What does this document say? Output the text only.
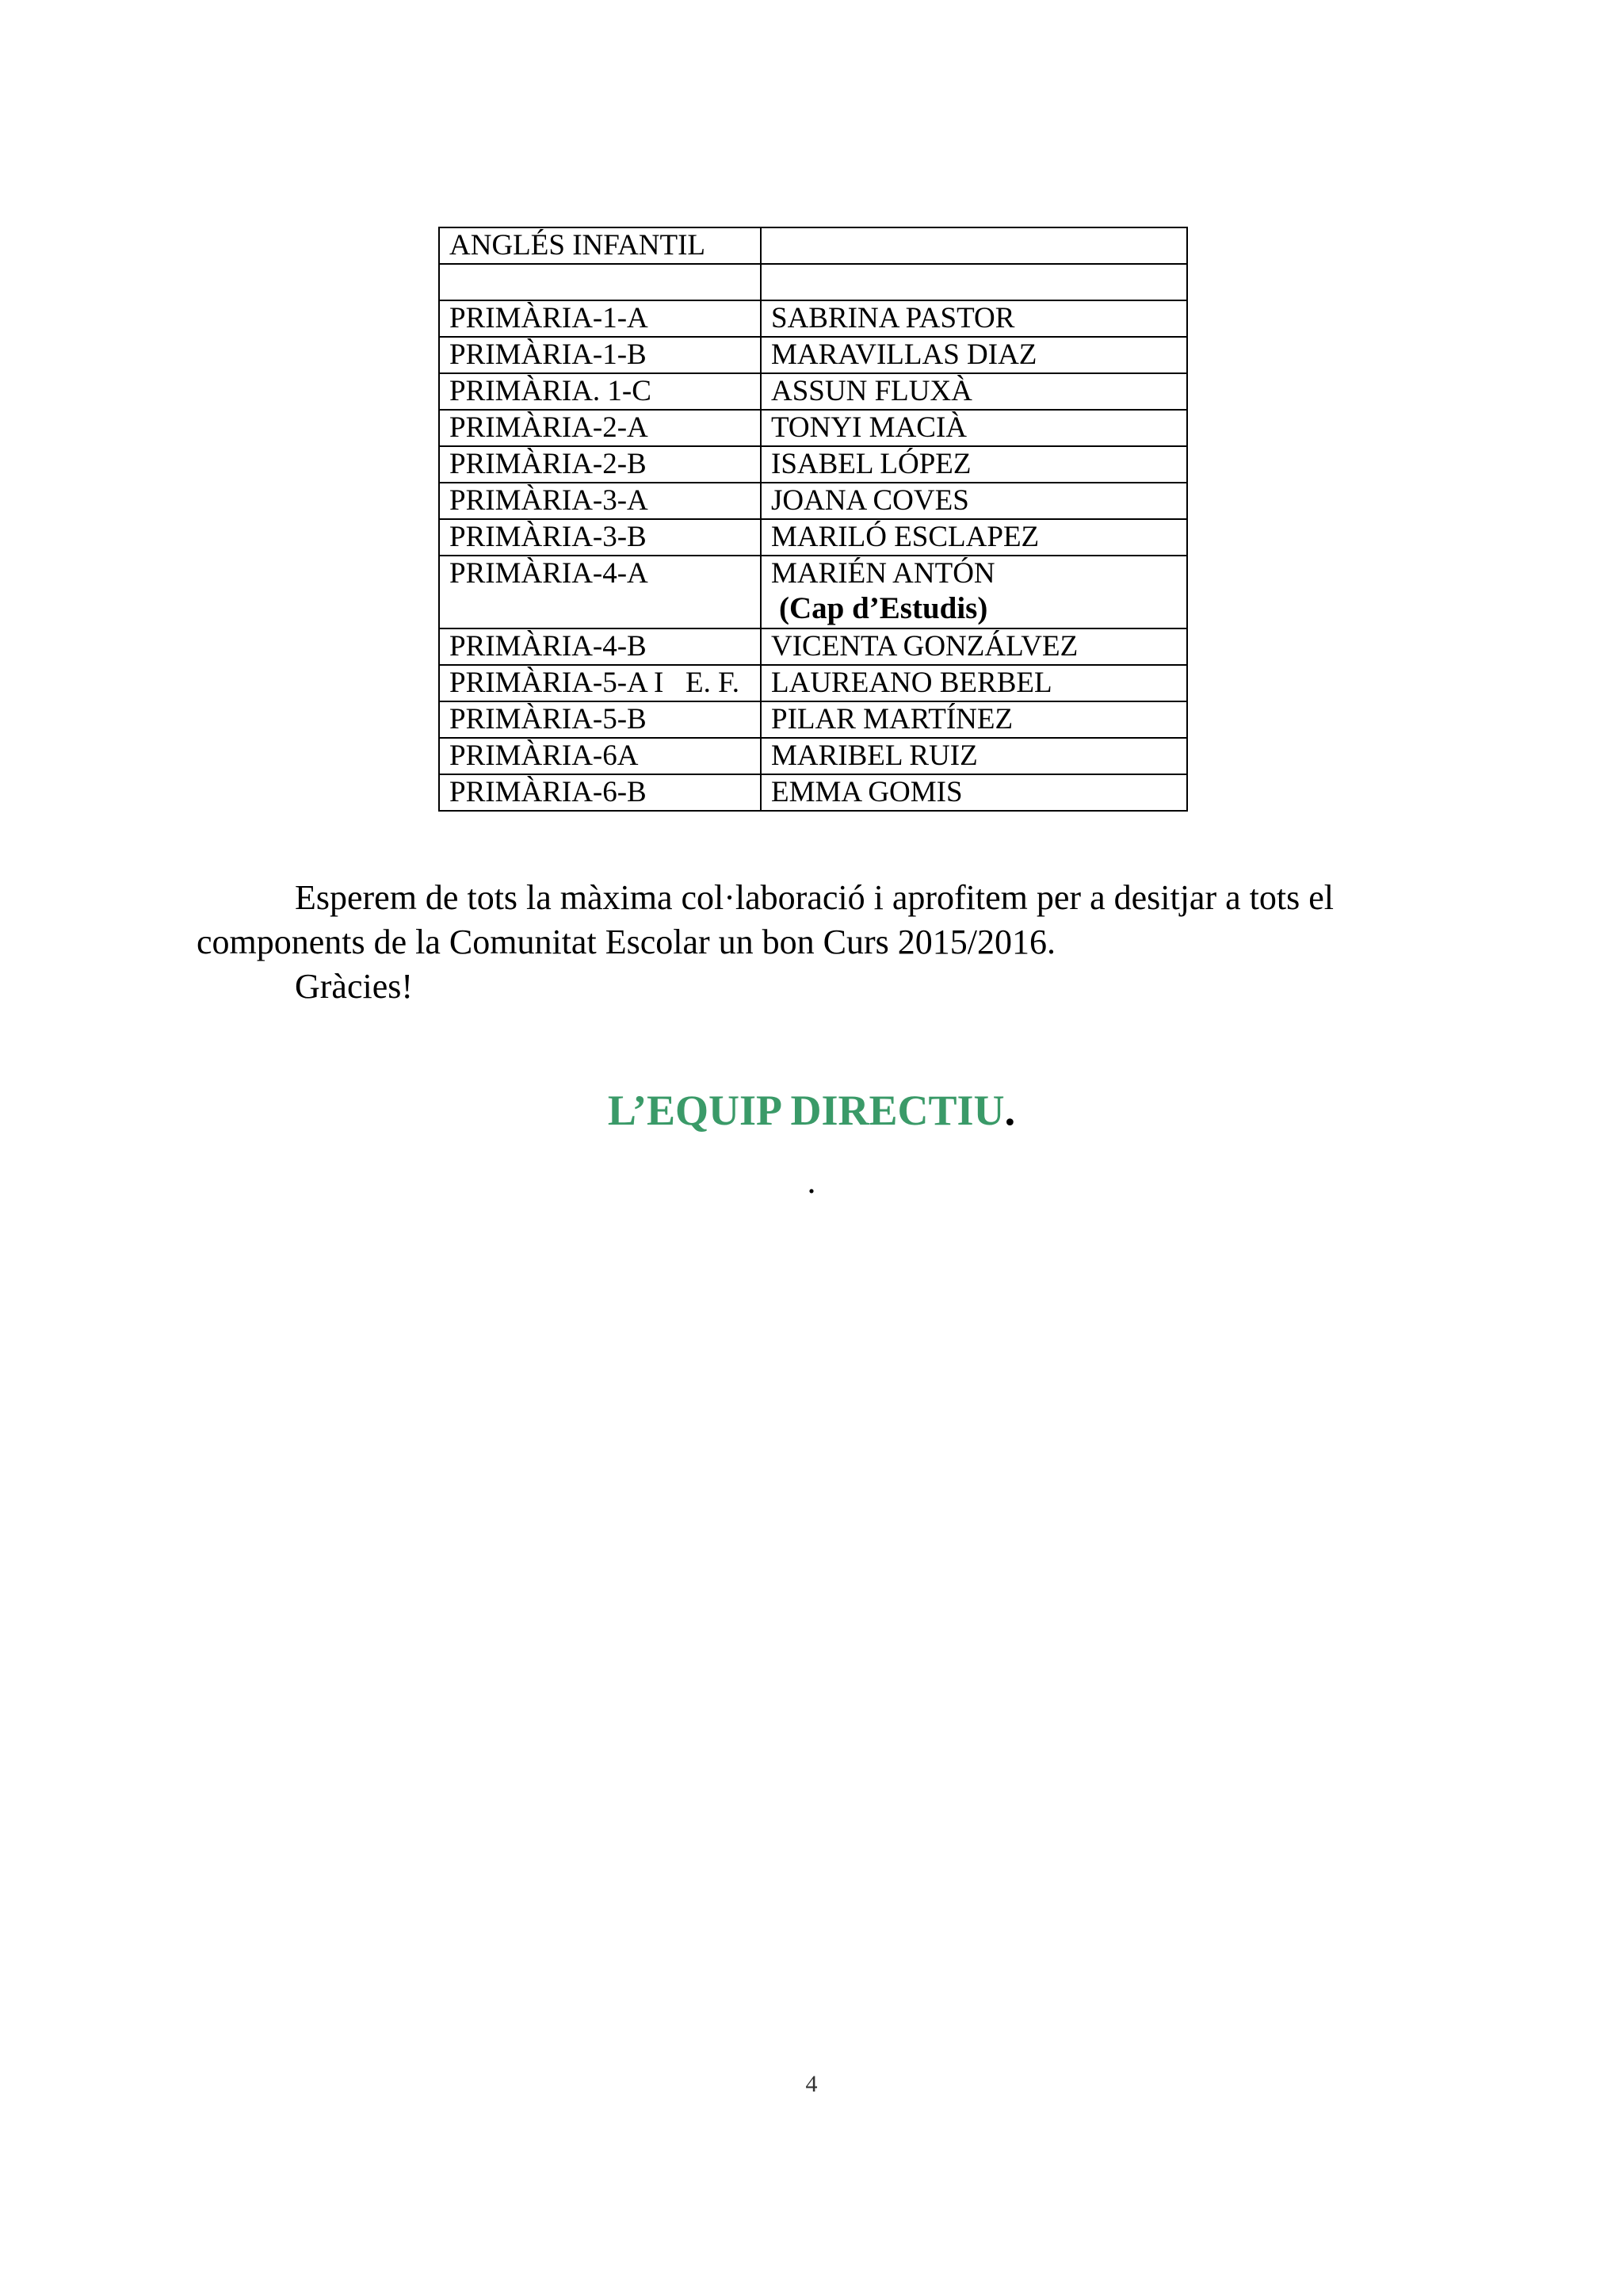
ANGLÉS INFANTIL	

PRIMÀRIA-1-A	SABRINA PASTOR
PRIMÀRIA-1-B	MARAVILLAS DIAZ
PRIMÀRIA. 1-C	ASSUN FLUXÀ
PRIMÀRIA-2-A	TONYI MACIÀ
PRIMÀRIA-2-B	ISABEL LÓPEZ
PRIMÀRIA-3-A	JOANA COVES
PRIMÀRIA-3-B	MARILÓ ESCLAPEZ
PRIMÀRIA-4-A	MARIÉN ANTÓN
(Cap d’Estudis)

PRIMÀRIA-4-B	VICENTA GONZÁLVEZ
PRIMÀRIA-5-A I   E. F.	LAUREANO BERBEL
PRIMÀRIA-5-B	PILAR MARTÍNEZ
PRIMÀRIA-6A	MARIBEL RUIZ
PRIMÀRIA-6-B	EMMA GOMIS

Esperem de tots la màxima col·laboració i aprofitem per a desitjar a tots el

components de la Comunitat Escolar un bon Curs 2015/2016.

Gràcies!

L’EQUIP DIRECTIU.
.
4
